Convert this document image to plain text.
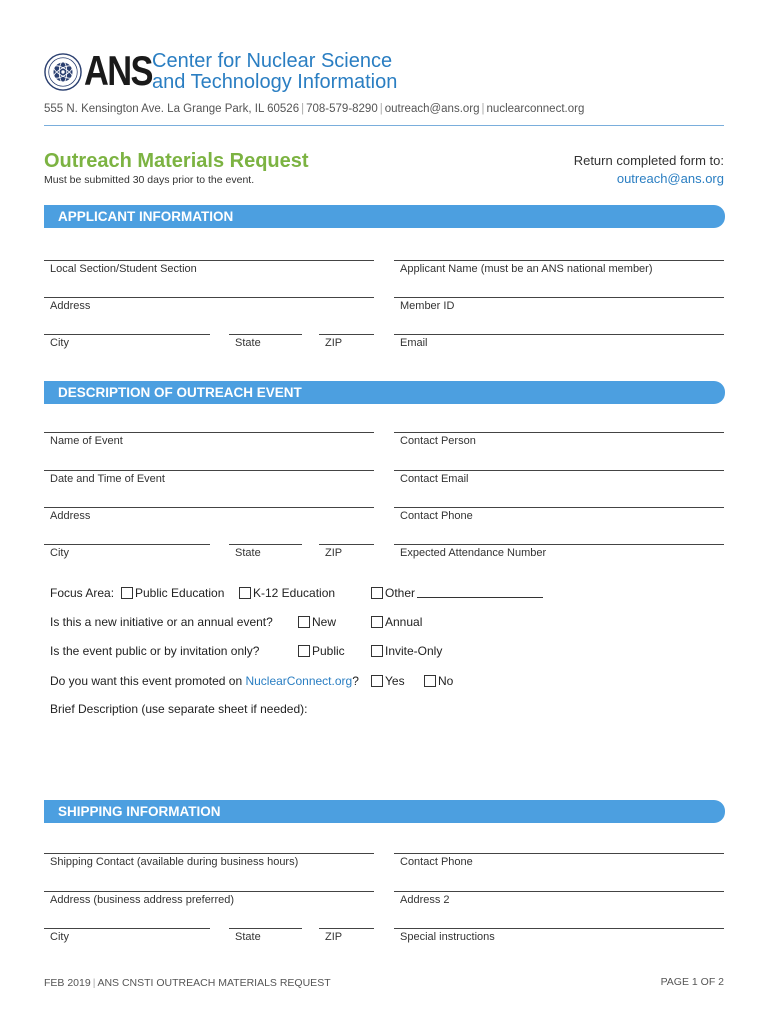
ANS Center for Nuclear Science
and Technology Information
555 N. Kensington Ave. La Grange Park, IL 60526 | 708-579-8290 | outreach@ans.org | nuclearconnect.org
Outreach Materials Request
Must be submitted 30 days prior to the event.
Return completed form to:
outreach@ans.org
APPLICANT INFORMATION
Local Section/Student Section	Applicant Name (must be an ANS national member)
Address	Member ID
City	State	ZIP	Email
DESCRIPTION OF OUTREACH EVENT
Name of Event	Contact Person
Date and Time of Event	Contact Email
Address	Contact Phone
City	State	ZIP	Expected Attendance Number
Focus Area: Public Education K-12 Education	Other
Is this a new initiative or an annual event?	New	Annual
Is the event public or by invitation only?	Public	Invite-Only
Do you want this event promoted on NuclearConnect.org? Yes	No
Brief Description (use separate sheet if needed):
SHIPPING INFORMATION
Shipping Contact (available during business hours)	Contact Phone
Address (business address preferred)	Address 2
City	State	ZIP	Special instructions
FEB 2019 | ANS CNSTI OUTREACH MATERIALS REQUEST	PAGE 1 OF 2
